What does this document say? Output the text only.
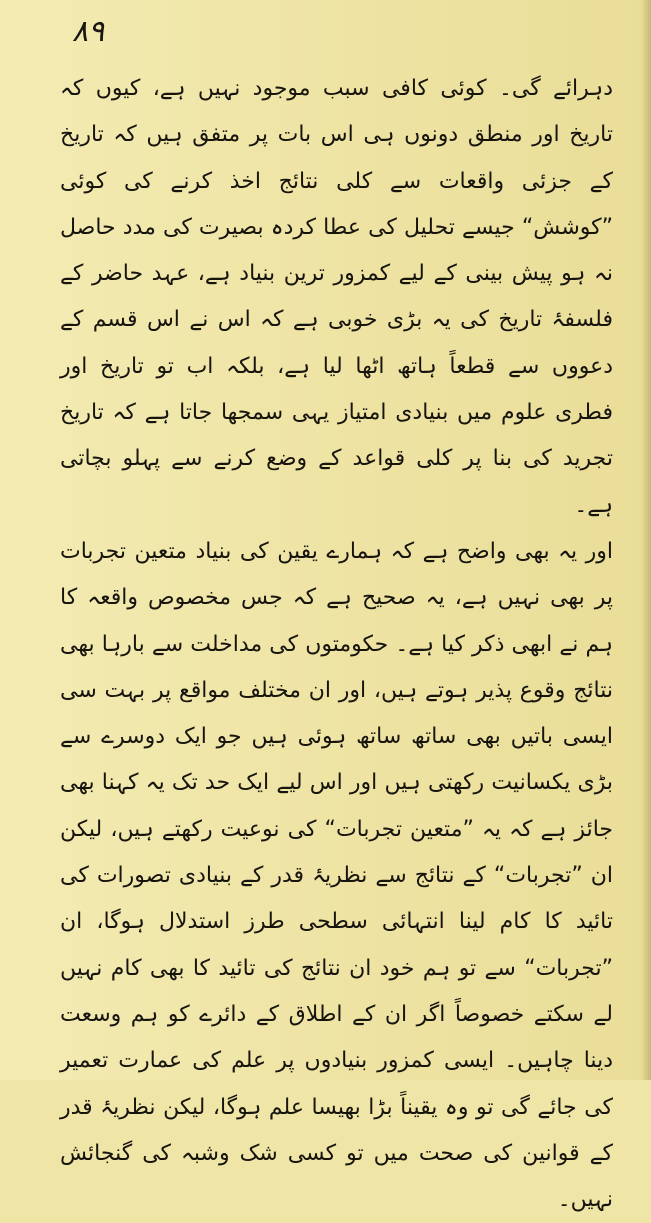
۸۹

دہرائے گی۔ کوئی کافی سبب موجود نہیں ہے، کیوں کہ تاریخ اور منطق دونوں ہی اس بات پر متفق ہیں کہ تاریخ کے جزئی واقعات سے کلی نتائج اخذ کرنے کی کوئی ”کوشش“ جیسے تحلیل کی عطا کردہ بصیرت کی مدد حاصل نہ ہو پیش بینی کے لیے کمزور ترین بنیاد ہے، عہد حاضر کے فلسفۂ تاریخ کی یہ بڑی خوبی ہے کہ اس نے اس قسم کے دعووں سے قطعاً ہاتھ اٹھا لیا ہے، بلکہ اب تو تاریخ اور فطری علوم میں بنیادی امتیاز یہی سمجھا جاتا ہے کہ تاریخ تجرید کی بنا پر کلی قواعد کے وضع کرنے سے پہلو بچاتی ہے۔

اور یہ بھی واضح ہے کہ ہمارے یقین کی بنیاد متعین تجربات پر بھی نہیں ہے، یہ صحیح ہے کہ جس مخصوص واقعہ کا ہم نے ابھی ذکر کیا ہے۔ حکومتوں کی مداخلت سے بارہا بھی نتائج وقوع پذیر ہوتے ہیں، اور ان مختلف مواقع پر بہت سی ایسی باتیں بھی ساتھ ساتھ ہوئی ہیں جو ایک دوسرے سے بڑی یکسانیت رکھتی ہیں اور اس لیے ایک حد تک یہ کہنا بھی جائز ہے کہ یہ ”متعین تجربات“ کی نوعیت رکھتے ہیں، لیکن ان ”تجربات“ کے نتائج سے نظریۂ قدر کے بنیادی تصورات کی تائید کا کام لینا انتہائی سطحی طرز استدلال ہوگا، ان ”تجربات“ سے تو ہم خود ان نتائج کی تائید کا بھی کام نہیں لے سکتے خصوصاً اگر ان کے اطلاق کے دائرے کو ہم وسعت دینا چاہیں۔ ایسی کمزور بنیادوں پر علم کی عمارت تعمیر کی جائے گی تو وہ یقیناً بڑا بھیسا علم ہوگا، لیکن نظریۂ قدر کے قوانین کی صحت میں تو کسی شک وشبہ کی گنجائش نہیں۔
